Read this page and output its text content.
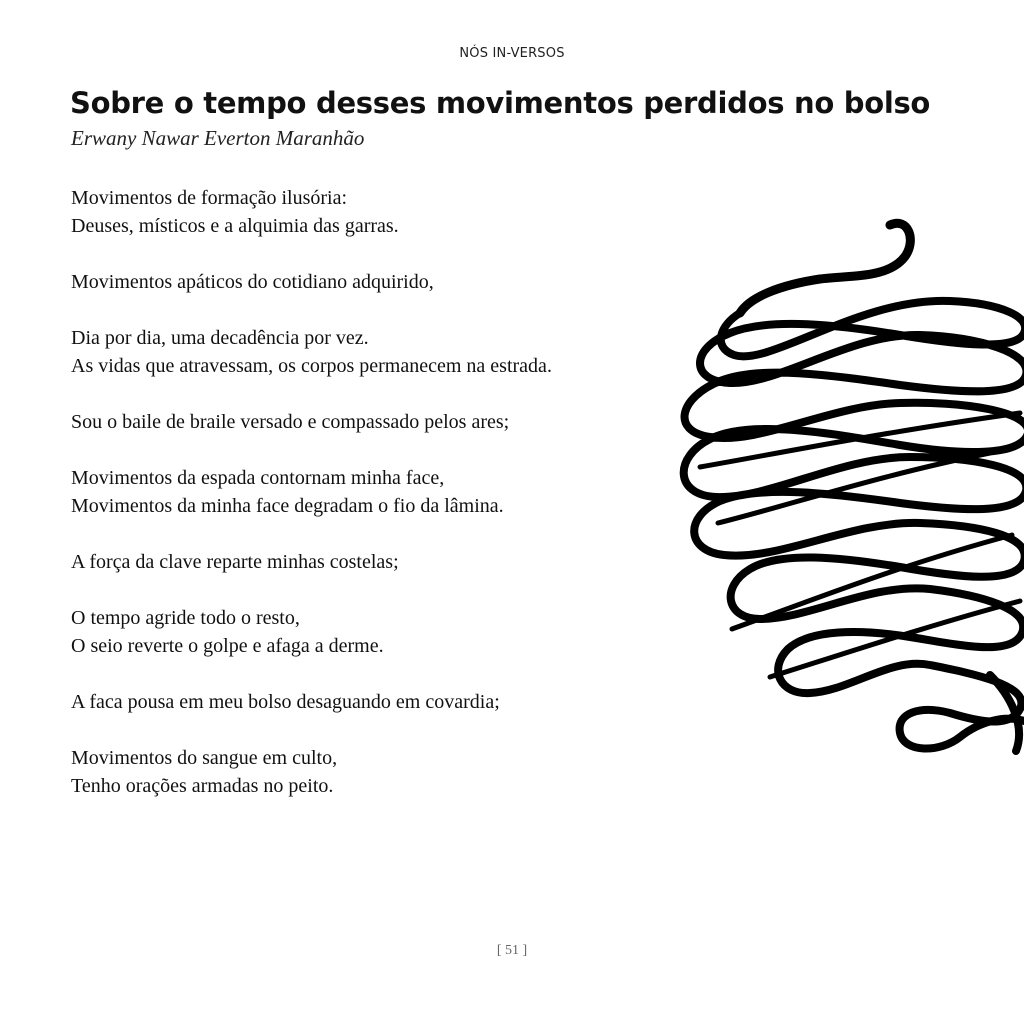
NÓS IN-VERSOS
Sobre o tempo desses movimentos perdidos no bolso

Erwany Nawar Everton Maranhão

Movimentos de formação ilusória:
Deuses, místicos e a alquimia das garras.

Movimentos apáticos do cotidiano adquirido,

Dia por dia, uma decadência por vez.
As vidas que atravessam, os corpos permanecem na estrada.

Sou o baile de braile versado e compassado pelos ares;

Movimentos da espada contornam minha face,
Movimentos da minha face degradam o fio da lâmina.

A força da clave reparte minhas costelas;

O tempo agride todo o resto,
O seio reverte o golpe e afaga a derme.

A faca pousa em meu bolso desaguando em covardia;

Movimentos do sangue em culto,
Tenho orações armadas no peito.

[ 51 ]
